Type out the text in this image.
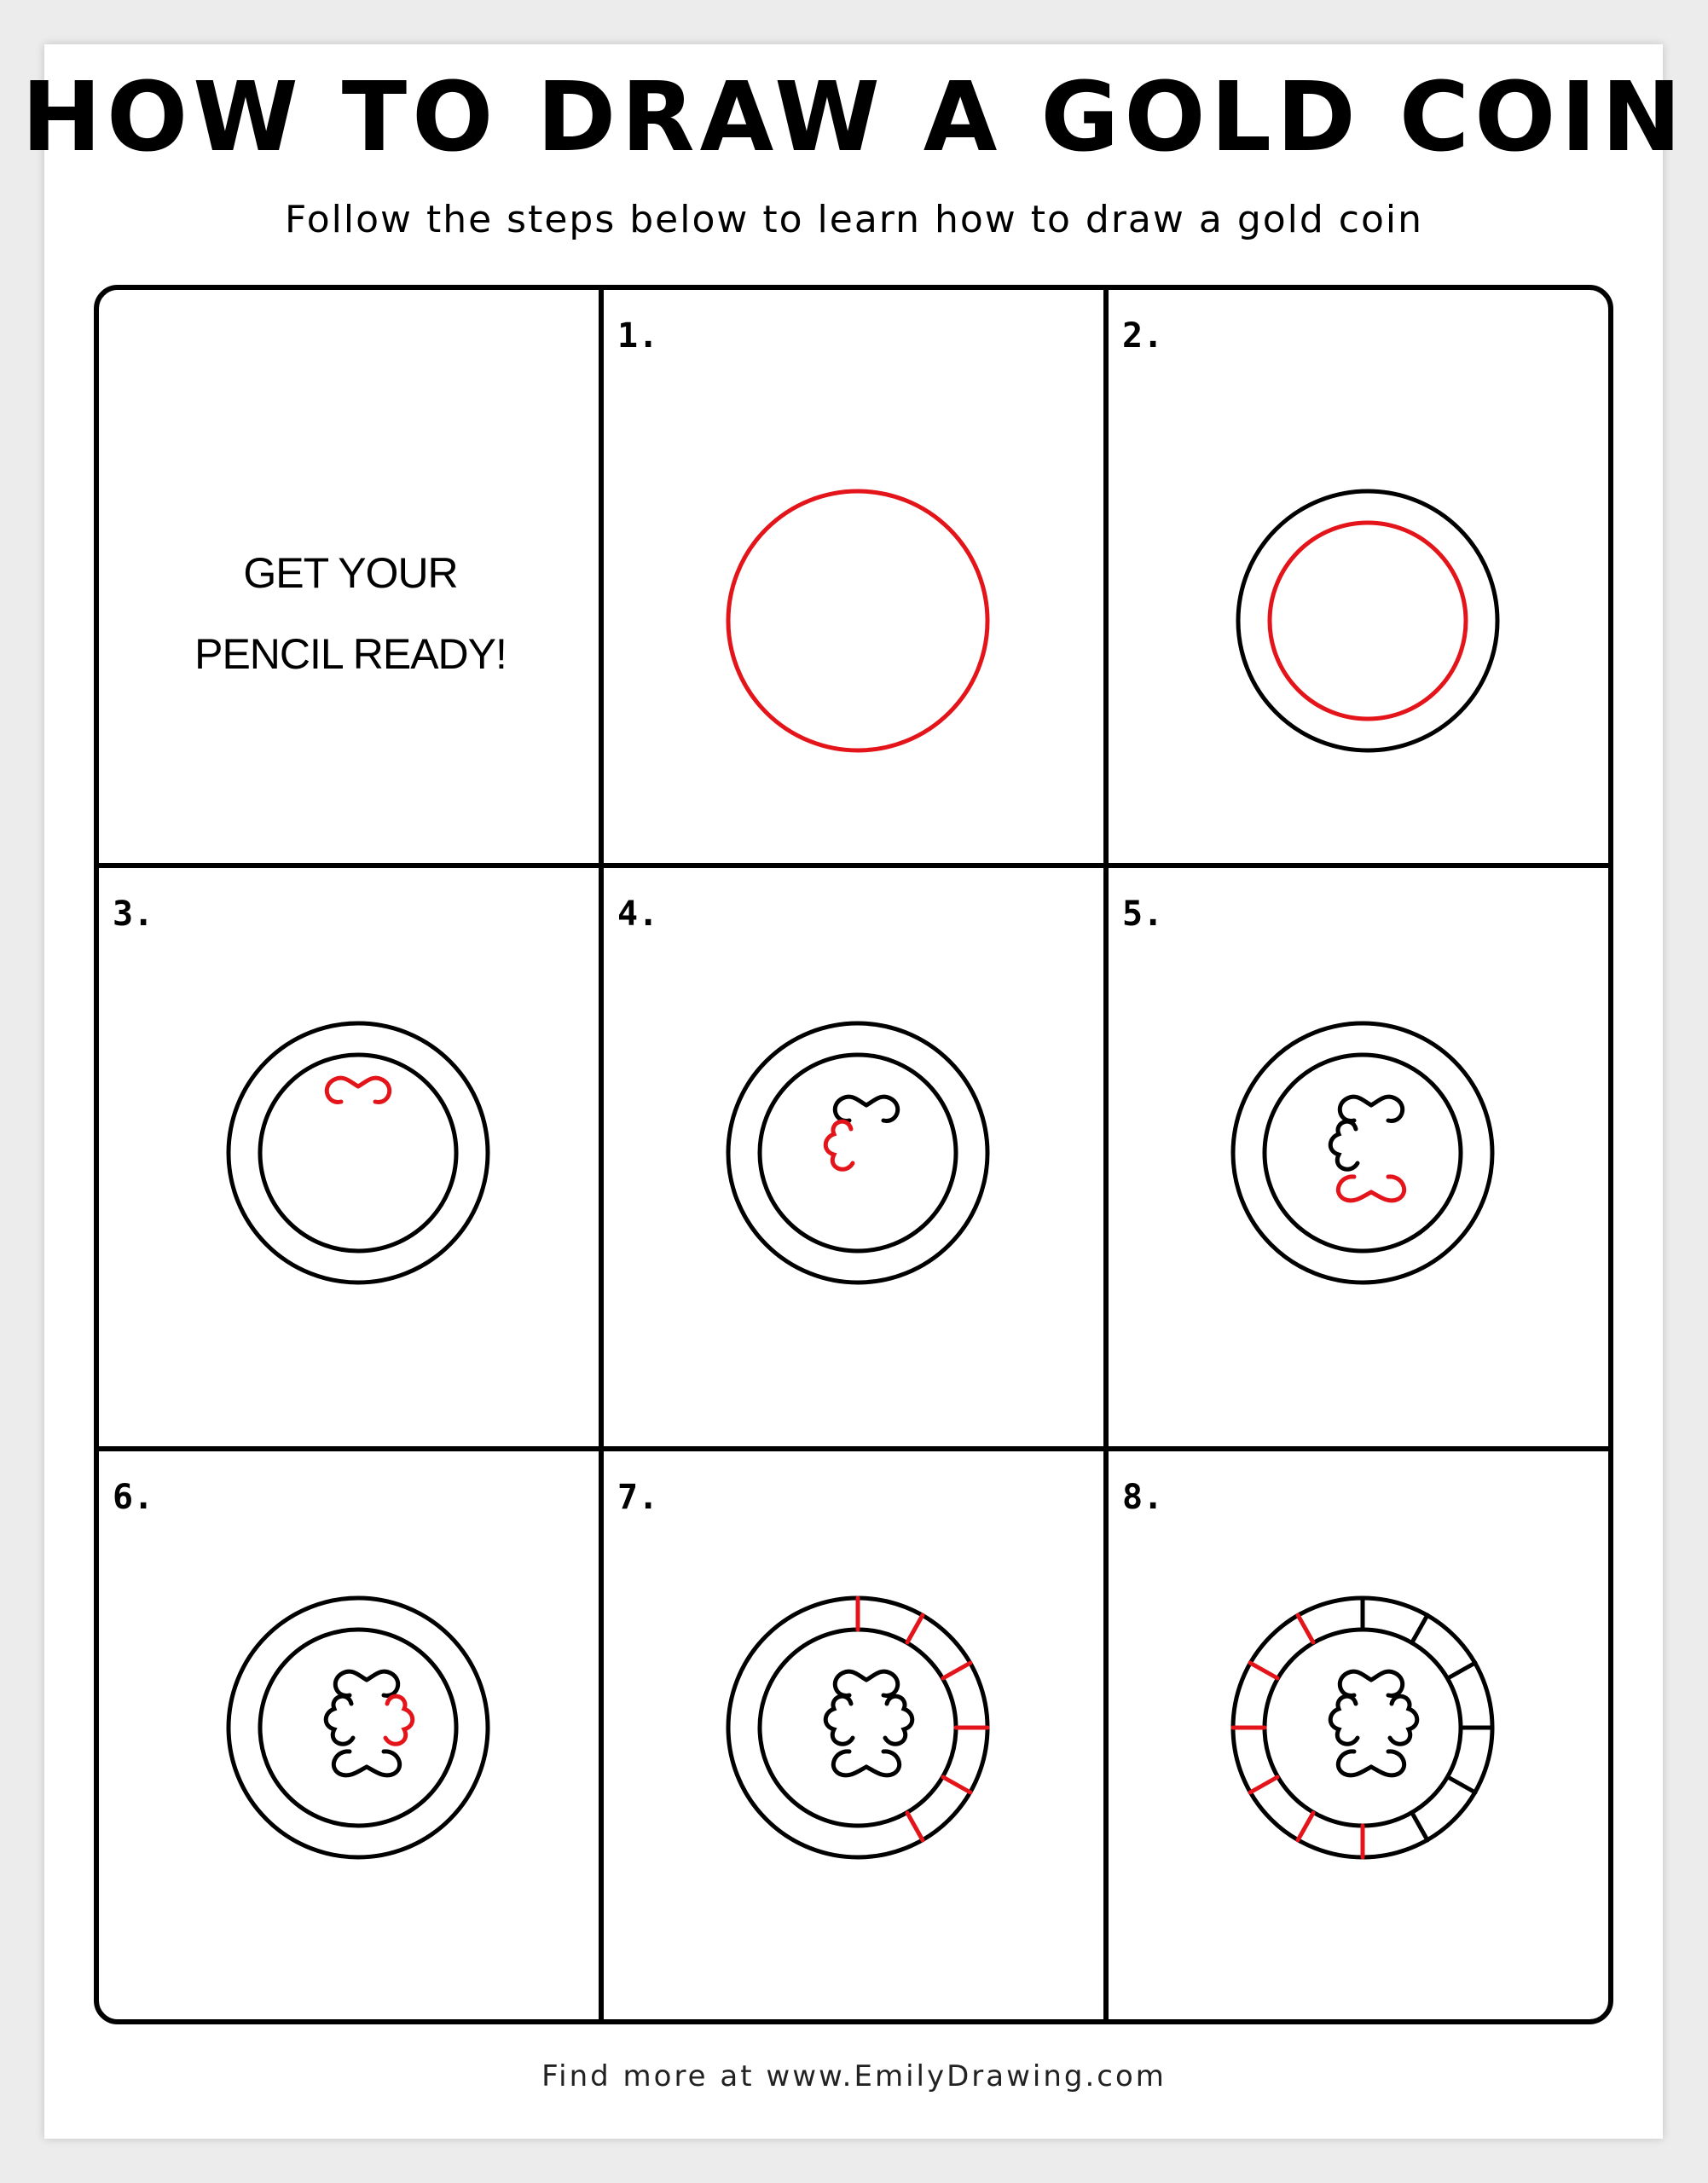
HOW TO DRAW A GOLD COIN
Follow the steps below to learn how to draw a gold coin
GET YOUR
PENCIL READY!
1.	2.
3.	4.	5.
6.	7.	8.
Find more at www.EmilyDrawing.com
